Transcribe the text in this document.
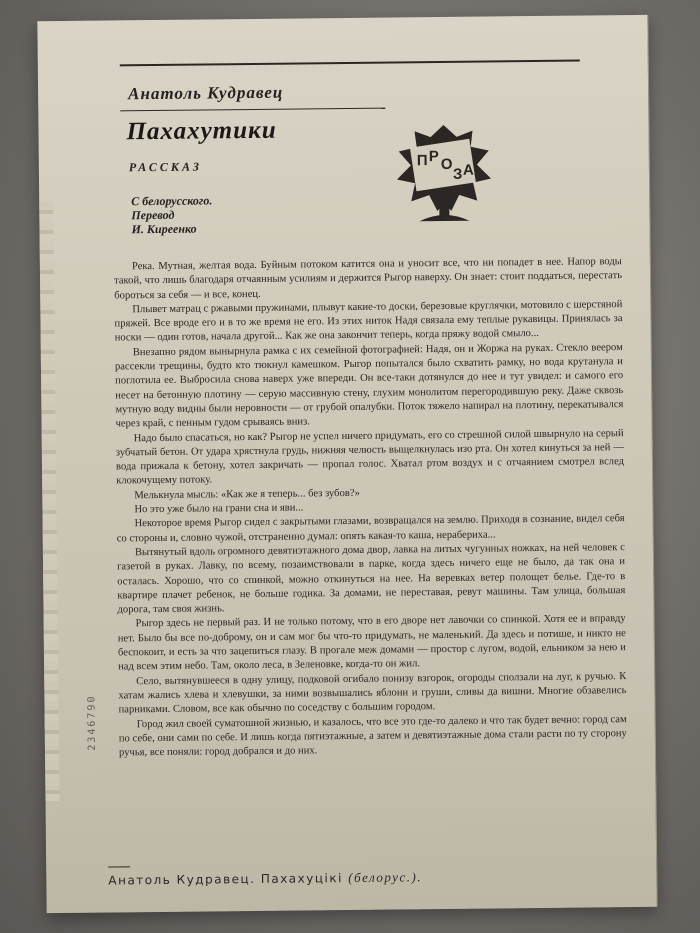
Анатоль Кудравец
Пахахутики
РАССКАЗ
С белорусского.
Перевод
И. Киреенко
П Р О
З А

Река. Мутная, желтая вода. Буйным потоком катится она и уносит все, что ни попадет в нее. Напор воды такой, что лишь благодаря отчаянным усилиям и держится Рыгор наверху. Он знает: стоит поддаться, перестать бороться за себя — и все, конец.

Плывет матрац с ржавыми пружинами, плывут какие-то доски, березовые круглячки, мотовило с шерстяной пряжей. Все вроде его и в то же время не его. Из этих ниток Надя связала ему теплые рукавицы. Принялась за носки — один готов, начала другой... Как же она закончит теперь, когда пряжу водой смыло...

Внезапно рядом вынырнула рамка с их семейной фотографией: Надя, он и Жоржа на руках. Стекло веером рассекли трещины, будто кто тюкнул камешком. Рыгор попытался было схватить рамку, но вода крутанула и поглотила ее. Выбросила снова наверх уже впереди. Он все-таки дотянулся до нее и тут увидел: и самого его несет на бетонную плотину — серую массивную стену, глухим монолитом перегородившую реку. Даже сквозь мутную воду видны были неровности — от грубой опалубки. Поток тяжело напирал на плотину, перекатывался через край, с пенным гудом срываясь вниз.

Надо было спасаться, но как? Рыгор не успел ничего придумать, его со стрешной силой швырнуло на серый зубчатый бетон. От удара хрястнула грудь, нижняя челюсть выщелкнулась изо рта. Он хотел кинуться за ней — вода прижала к бетону, хотел закричать — пропал голос. Хватал ртом воздух и с отчаянием смотрел вслед клокочущему потоку.

Мелькнула мысль: «Как же я теперь... без зубов?»

Но это уже было на грани сна и яви...

Некоторое время Рыгор сидел с закрытыми глазами, возвращался на землю. Приходя в сознание, видел себя со стороны и, словно чужой, отстраненно думал: опять какая-то каша, нерабериха...

Вытянутый вдоль огромного девятиэтажного дома двор, лавка на литых чугунных ножках, на ней человек с газетой в руках. Лавку, по всему, позаимствовали в парке, когда здесь ничего еще не было, да так она и осталась. Хорошо, что со спинкой, можно откинуться на нее. На веревках ветер полощет белье. Где-то в квартире плачет ребенок, не больше годика. За домами, не переставая, ревут машины. Там улица, большая дорога, там своя жизнь.

Рыгор здесь не первый раз. И не только потому, что в его дворе нет лавочки со спинкой. Хотя ее и вправду нет. Было бы все по-доброму, он и сам мог бы что-то придумать, не маленький. Да здесь и потише, и никто не беспокоит, и есть за что зацепиться глазу. В прогале меж домами — простор с лугом, водой, ельником за нею и над всем этим небо. Там, около леса, в Зеленовке, когда-то он жил.

Село, вытянувшееся в одну улицу, подковой огибало понизу взгорок, огороды сползали на луг, к ручью. К хатам жались хлева и хлевушки, за ними возвышались яблони и груши, сливы да вишни. Многие обзавелись парниками. Словом, все как обычно по соседству с большим городом.

Город жил своей суматошной жизнью, и казалось, что все это где-то далеко и что так будет вечно: город сам по себе, они сами по себе. И лишь когда пятиэтажные, а затем и девятиэтажные дома стали расти по ту сторону ручья, все поняли: город добрался и до них.

Анатоль Кудравец. Пахахуцікі (белорус.).
2346790
